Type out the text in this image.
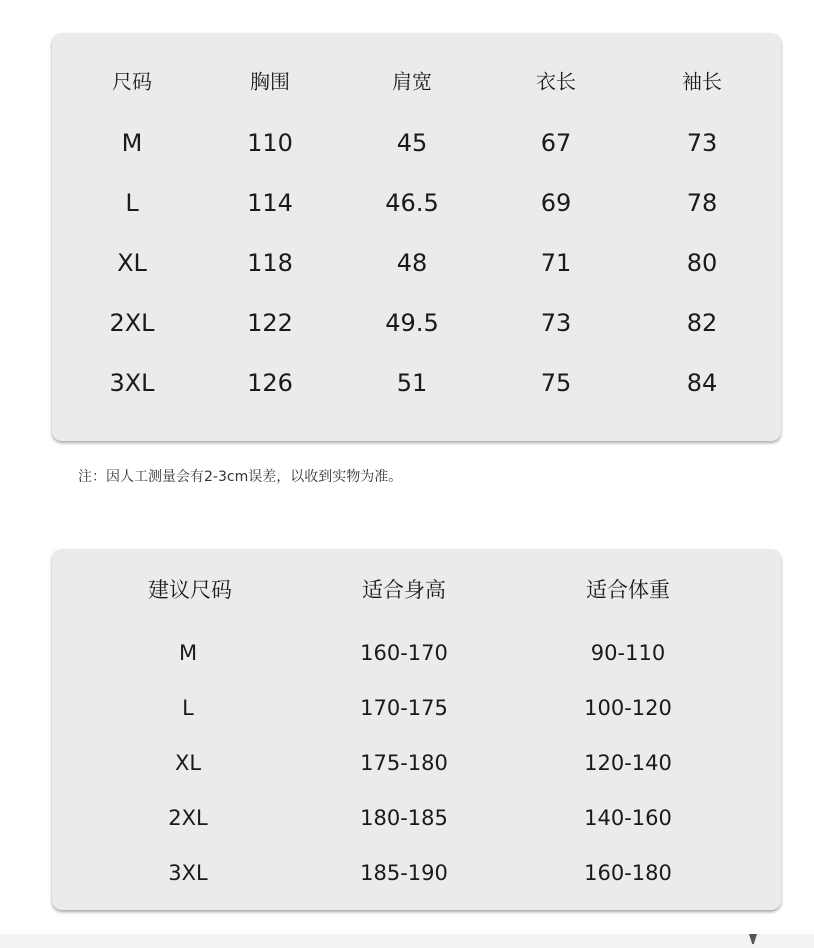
尺码	胸围	肩宽	衣长	袖长
M	110	45	67	73
L	114	46.5	69	78
XL	118	48	71	80
2XL	122	49.5	73	82
3XL	126	51	75	84
注：因人工测量会有2-3cm误差，以收到实物为准。
建议尺码	适合身高	适合体重
M	160-170	90-110
L	170-175	100-120
XL	175-180	120-140
2XL	180-185	140-160
3XL	185-190	160-180
